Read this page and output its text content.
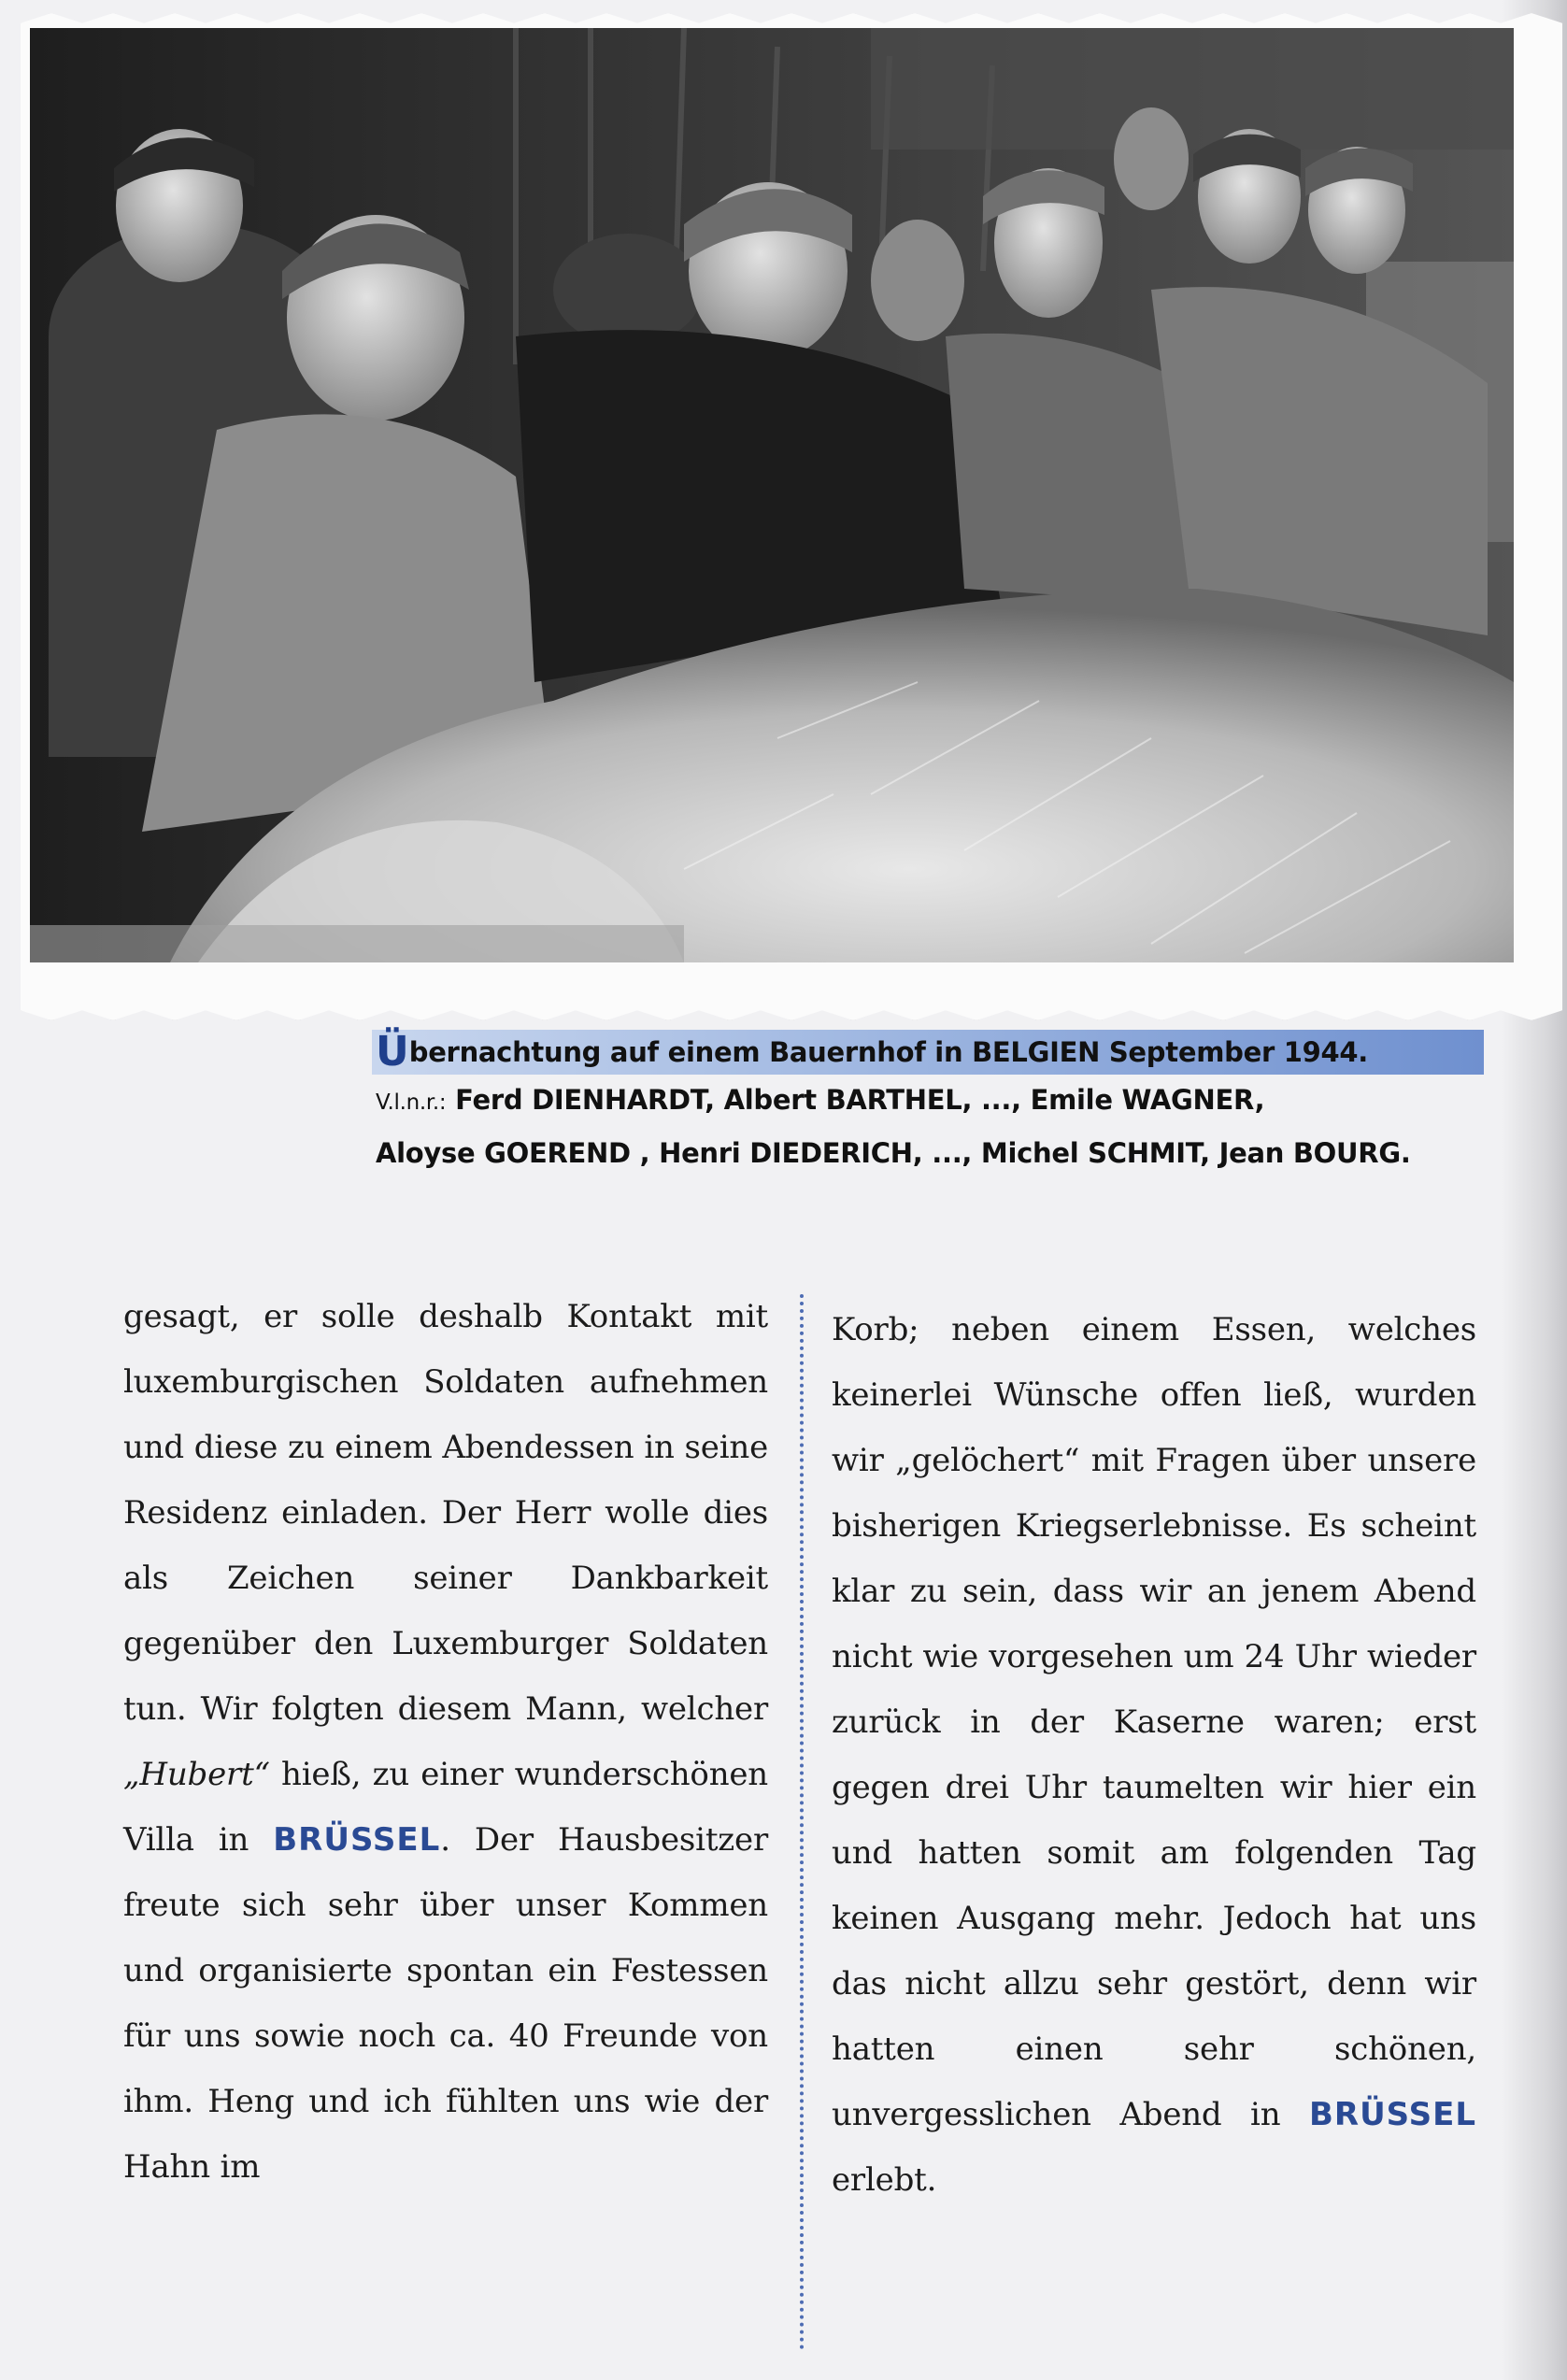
Ü bernachtung auf einem Bauernhof in BELGIEN September 1944.
V.l.n.r.: Ferd DIENHARDT, Albert BARTHEL, ..., Emile WAGNER,
Aloyse GOEREND , Henri DIEDERICH, ..., Michel SCHMIT, Jean BOURG.

gesagt, er solle deshalb Kontakt mit luxemburgischen Soldaten aufnehmen und diese zu einem Abendessen in seine Residenz einladen. Der Herr wolle dies als Zeichen seiner Dankbarkeit gegenüber den Luxemburger Soldaten tun. Wir folgten diesem Mann, welcher „Hubert“ hieß, zu einer wunderschönen Villa in BRÜSSEL. Der Hausbesitzer freute sich sehr über unser Kommen und organisierte spontan ein Festessen für uns sowie noch ca. 40 Freunde von ihm. Heng und ich fühlten uns wie der Hahn im

Korb; neben einem Essen, welches keinerlei Wünsche offen ließ, wurden wir „gelöchert“ mit Fragen über unsere bisherigen Kriegserlebnisse. Es scheint klar zu sein, dass wir an jenem Abend nicht wie vorgesehen um 24 Uhr wieder zurück in der Kaserne waren; erst gegen drei Uhr taumelten wir hier ein und hatten somit am folgenden Tag keinen Ausgang mehr. Jedoch hat uns das nicht allzu sehr gestört, denn wir hatten einen sehr schönen, unvergesslichen Abend in BRÜSSEL erlebt.
